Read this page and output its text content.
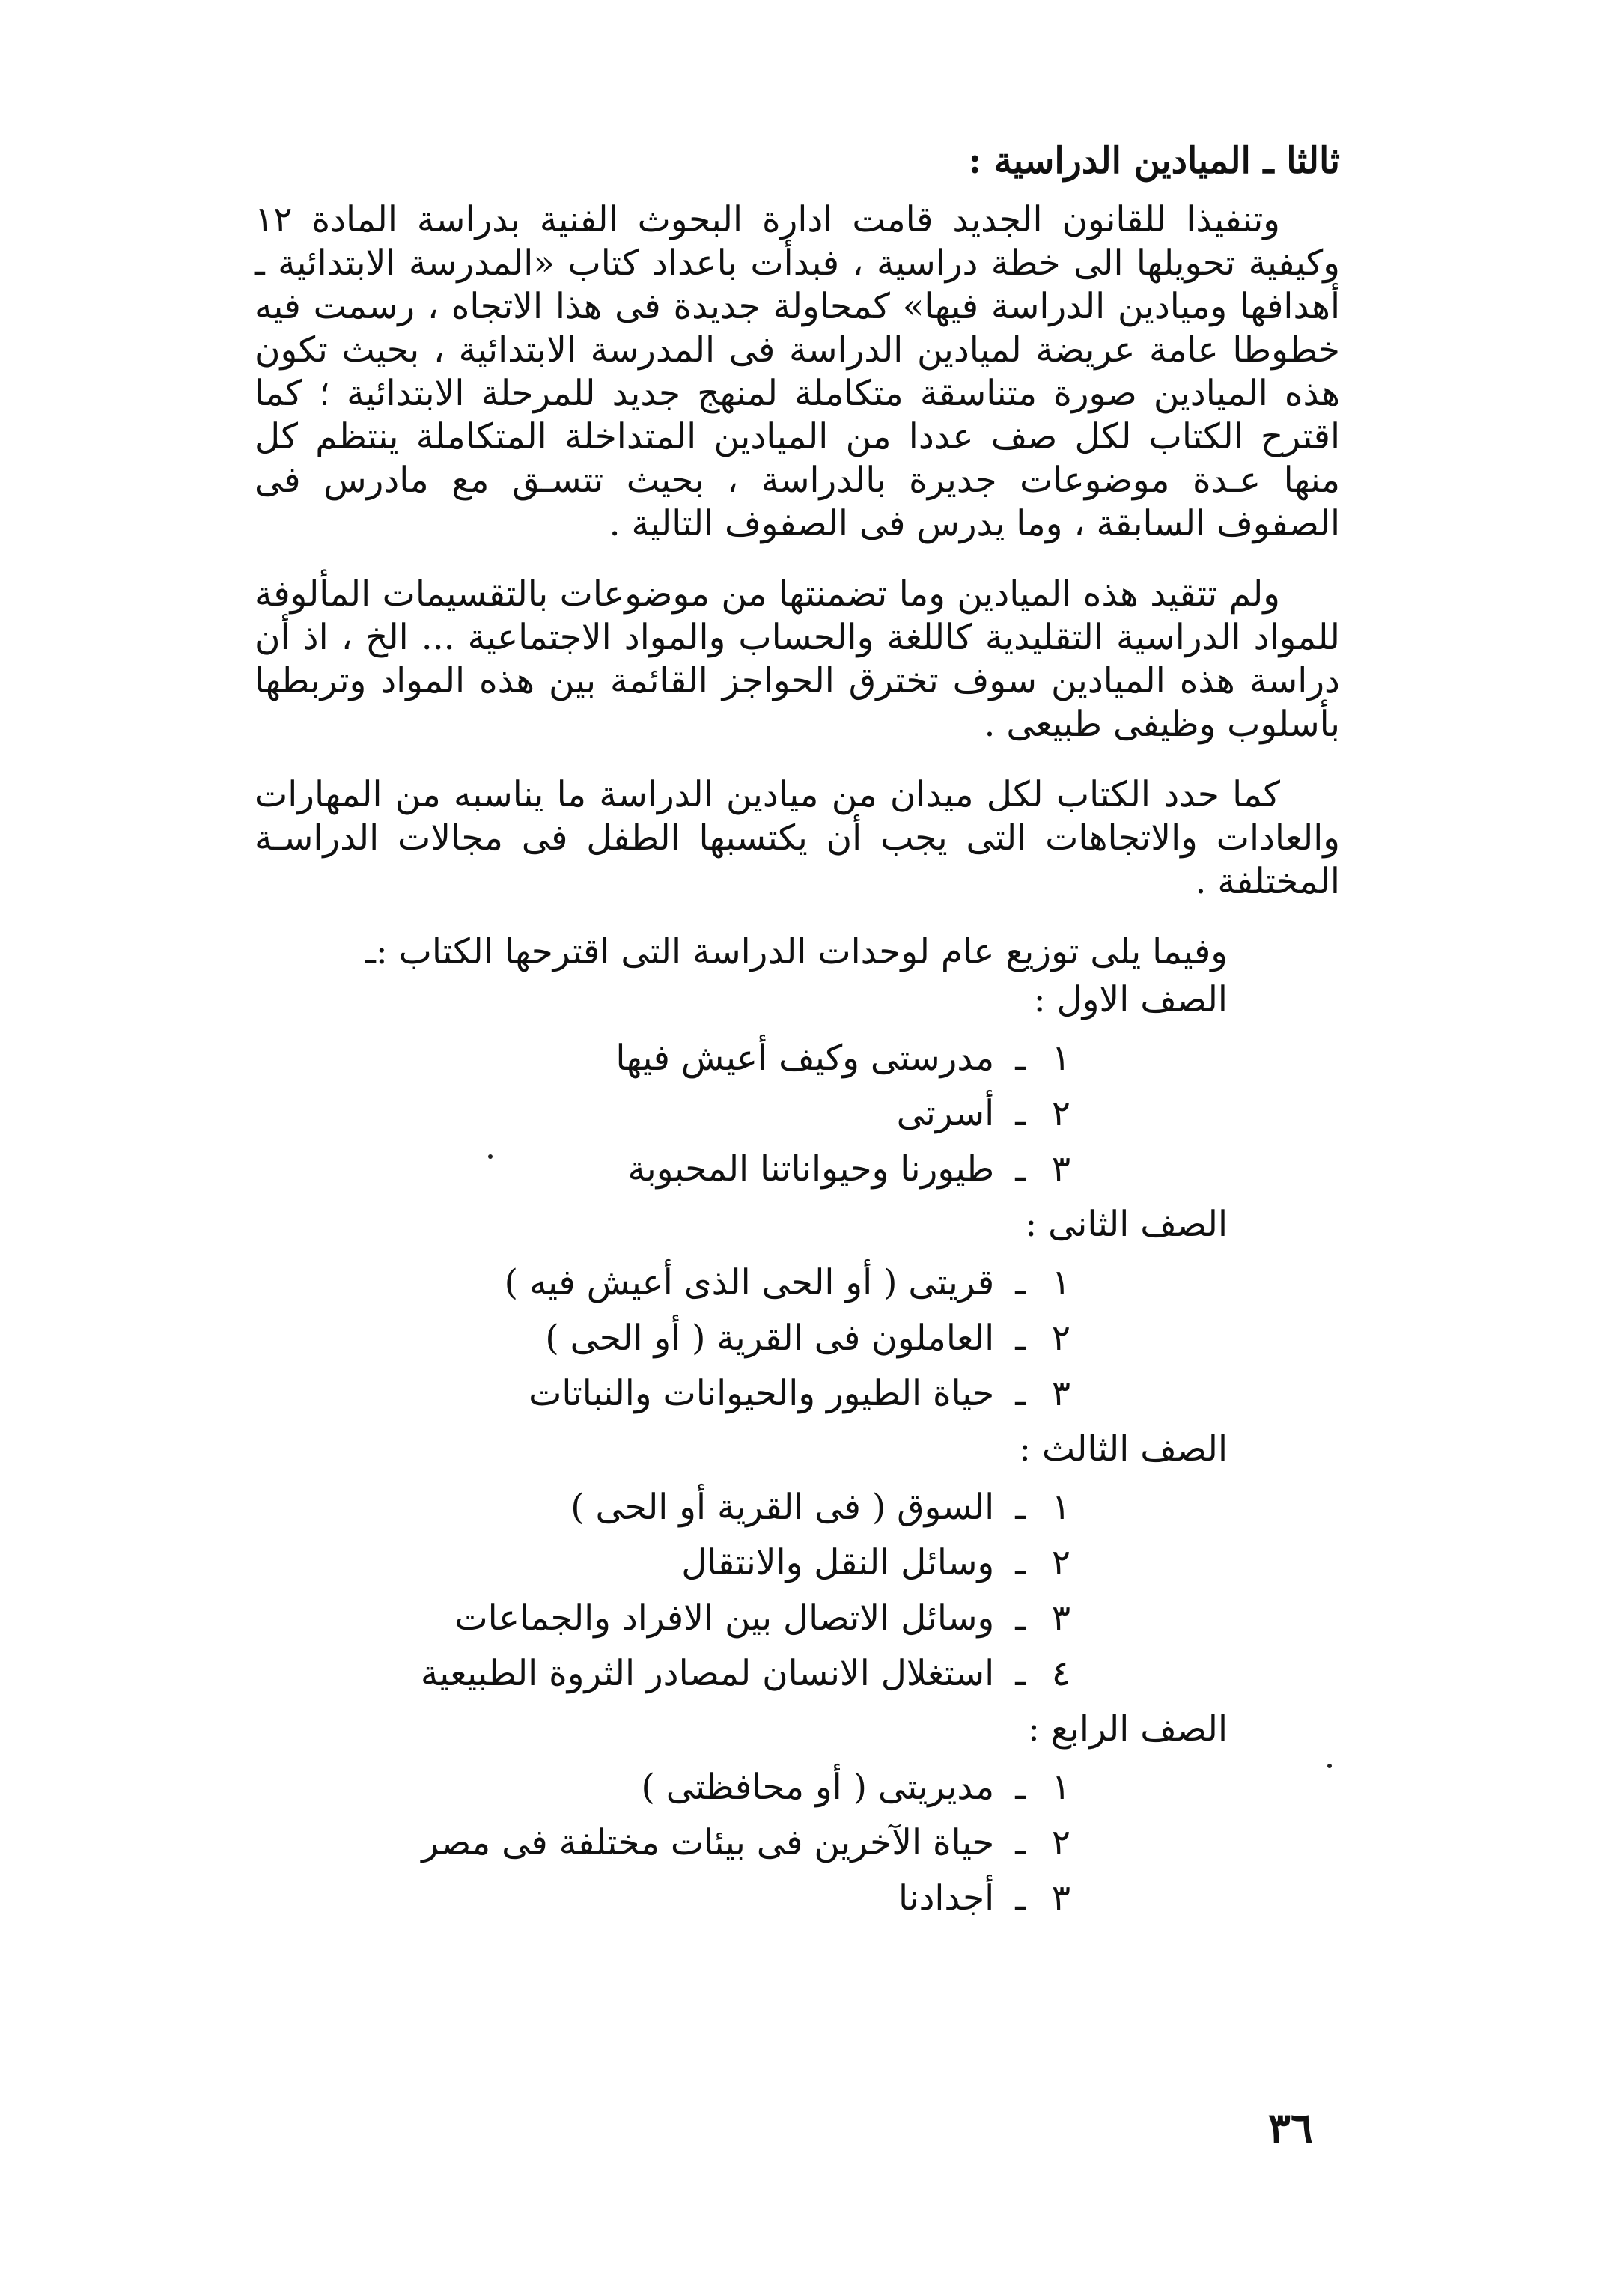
ثالثا ـ الميادين الدراسية :

وتنفيذا للقانون الجديد قامت ادارة البحوث الفنية بدراسة المادة ١٢ وكيفية تحويلها الى خطة دراسية ، فبدأت باعداد كتاب «المدرسة الابتدائية ـ أهدافها وميادين الدراسة فيها» كمحاولة جديدة فى هذا الاتجاه ، رسمت فيه خطوطا عامة عريضة لميادين الدراسة فى المدرسة الابتدائية ، بحيث تكون هذه الميادين صورة متناسقة متكاملة لمنهج جديد للمرحلة الابتدائية ؛ كما اقترح الكتاب لكل صف عددا من الميادين المتداخلة المتكاملة ينتظم كل منها عـدة موضوعات جديرة بالدراسة ، بحيث تتسـق مع مادرس فى الصفوف السابقة ، وما يدرس فى الصفوف التالية .

ولم تتقيد هذه الميادين وما تضمنتها من موضوعات بالتقسيمات المألوفة للمواد الدراسية التقليدية كاللغة والحساب والمواد الاجتماعية ... الخ ، اذ أن دراسة هذه الميادين سوف تخترق الحواجز القائمة بين هذه المواد وتربطها بأسلوب وظيفى طبيعى .

كما حدد الكتاب لكل ميدان من ميادين الدراسة ما يناسبه من المهارات والعادات والاتجاهات التى يجب أن يكتسبها الطفل فى مجالات الدراسـة المختلفة .

وفيما يلى توزيع عام لوحدات الدراسة التى اقترحها الكتاب :ـ
الصف الاول :
١
ـ
مدرستى وكيف أعيش فيها
٢
ـ
أسرتى
٣
ـ
طيورنا وحيواناتنا المحبوبة
الصف الثانى :
١
ـ
قريتى ( أو الحى الذى أعيش فيه )
٢
ـ
العاملون فى القرية ( أو الحى )
٣
ـ
حياة الطيور والحيوانات والنباتات
الصف الثالث :
١
ـ
السوق ( فى القرية أو الحى )
٢
ـ
وسائل النقل والانتقال
٣
ـ
وسائل الاتصال بين الافراد والجماعات
٤
ـ
استغلال الانسان لمصادر الثروة الطبيعية
الصف الرابع :
١
ـ
مديريتى ( أو محافظتى )
٢
ـ
حياة الآخرين فى بيئات مختلفة فى مصر
٣
ـ
أجدادنا
٣٦
